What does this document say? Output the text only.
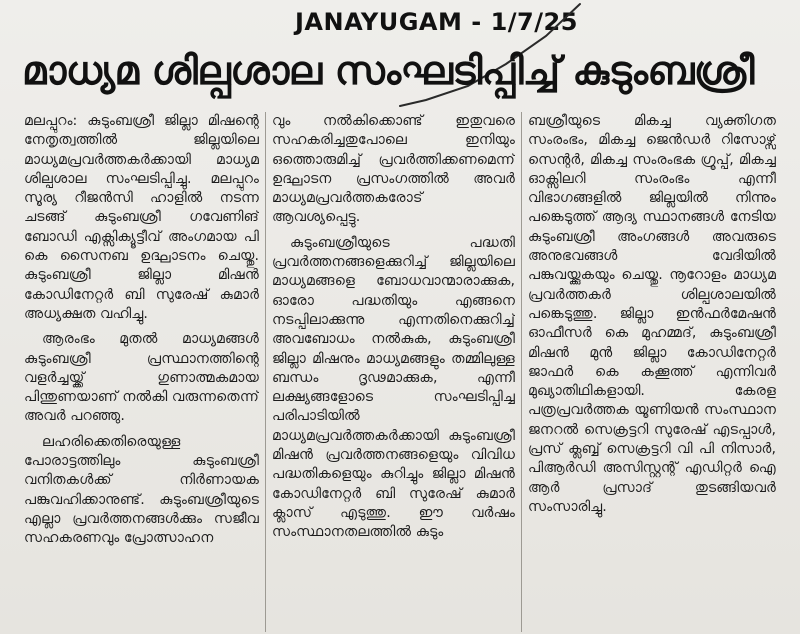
JANAYUGAM - 1/7/25
മാധ്യമ ശില്പശാല സംഘടിപ്പിച്ച് കുടുംബശ്രീ

മലപ്പുറം: കുടുംബശ്രീ ജില്ലാ മിഷന്റെ നേതൃത്വത്തിൽ ജില്ലയിലെ മാധ്യമപ്രവർത്തകർക്കായി മാധ്യമ ശില്പശാല സംഘടിപ്പിച്ചു. മലപ്പുറം സൂര്യ റീജൻസി ഹാളിൽ നടന്ന ചടങ്ങ് കുടുംബശ്രീ ഗവേണിങ് ബോഡി എക്സിക്യൂട്ടീവ് അംഗമായ പി കെ സൈനബ ഉദ്ഘാടനം ചെയ്തു. കുടുംബശ്രീ ജില്ലാ മിഷൻ കോഡിനേറ്റർ ബി സുരേഷ് കുമാർ അധ്യക്ഷത വഹിച്ചു.

ആരംഭം മുതൽ മാധ്യമങ്ങൾ കുടുംബശ്രീ പ്രസ്ഥാനത്തിന്റെ വളർച്ചയ്ക്ക് ഗുണാത്മകമായ പിന്തുണയാണ് നൽകി വരുന്നതെന്ന് അവർ പറഞ്ഞു.

ലഹരിക്കെതിരെയുള്ള പോരാട്ടത്തിലും കുടുംബശ്രീ വനിതകൾക്ക് നിർണായക പങ്കുവഹിക്കാനുണ്ട്. കുടുംബശ്രീയുടെ എല്ലാ പ്രവർത്തനങ്ങൾക്കും സജീവ സഹകരണവും പ്രോത്സാഹന

വും നൽകിക്കൊണ്ട് ഇതുവരെ സഹകരിച്ചതുപോലെ ഇനിയും ഒത്തൊരുമിച്ച് പ്രവർത്തിക്കണമെന്ന് ഉദ്ഘാടന പ്രസംഗത്തിൽ അവർ മാധ്യമപ്രവർത്തകരോട് ആവശ്യപ്പെട്ടു.

കുടുംബശ്രീയുടെ പദ്ധതി പ്രവർത്തനങ്ങളെക്കുറിച്ച് ജില്ലയിലെ മാധ്യമങ്ങളെ ബോധവാന്മാരാക്കുക, ഓരോ പദ്ധതിയും എങ്ങനെ നടപ്പിലാക്കുന്നു എന്നതിനെക്കുറിച്ച് അവബോധം നൽകുക, കുടുംബശ്രീ ജില്ലാ മിഷനും മാധ്യമങ്ങളും തമ്മിലുള്ള ബന്ധം ദൃഢമാക്കുക, എന്നീ ലക്ഷ്യങ്ങളോടെ സംഘടിപ്പിച്ച പരിപാടിയിൽ മാധ്യമപ്രവർത്തകർക്കായി കുടുംബശ്രീ മിഷൻ പ്രവർത്തനങ്ങളെയും വിവിധ പദ്ധതികളെയും കുറിച്ചും ജില്ലാ മിഷൻ കോഡിനേറ്റർ ബി സുരേഷ് കുമാർ ക്ലാസ് എടുത്തു. ഈ വർഷം സംസ്ഥാനതലത്തിൽ കുടും

ബശ്രീയുടെ മികച്ച വ്യക്തിഗത സംരംഭം, മികച്ച ജെൻഡർ റിസോഴ്സ് സെന്റർ, മികച്ച സംരംഭക ഗ്രൂപ്പ്, മികച്ച ഓക്സിലറി സംരംഭം എന്നീ വിഭാഗങ്ങളിൽ ജില്ലയിൽ നിന്നും പങ്കെടുത്ത് ആദ്യ സ്ഥാനങ്ങൾ നേടിയ കുടുംബശ്രീ അംഗങ്ങൾ അവരുടെ അനുഭവങ്ങൾ വേദിയിൽ പങ്കുവയ്ക്കുകയും ചെയ്തു. നൂറോളം മാധ്യമ പ്രവർത്തകർ ശില്പശാലയിൽ പങ്കെടുത്തു. ജില്ലാ ഇൻഫർമേഷൻ ഓഫീസർ കെ മുഹമ്മദ്, കുടുംബശ്രീ മിഷൻ മുൻ ജില്ലാ കോഡിനേറ്റർ ജാഫർ കെ കക്കൂത്ത് എന്നിവർ മുഖ്യാതിഥികളായി. കേരള പത്രപ്രവർത്തക യൂണിയൻ സംസ്ഥാന ജനറൽ സെക്രട്ടറി സുരേഷ് എടപ്പാൾ, പ്രസ് ക്ലബ്ബ് സെക്രട്ടറി വി പി നിസാർ, പിആർഡി അസിസ്റ്റന്റ് എഡിറ്റർ ഐ ആർ പ്രസാദ് തുടങ്ങിയവർ സംസാരിച്ചു.
